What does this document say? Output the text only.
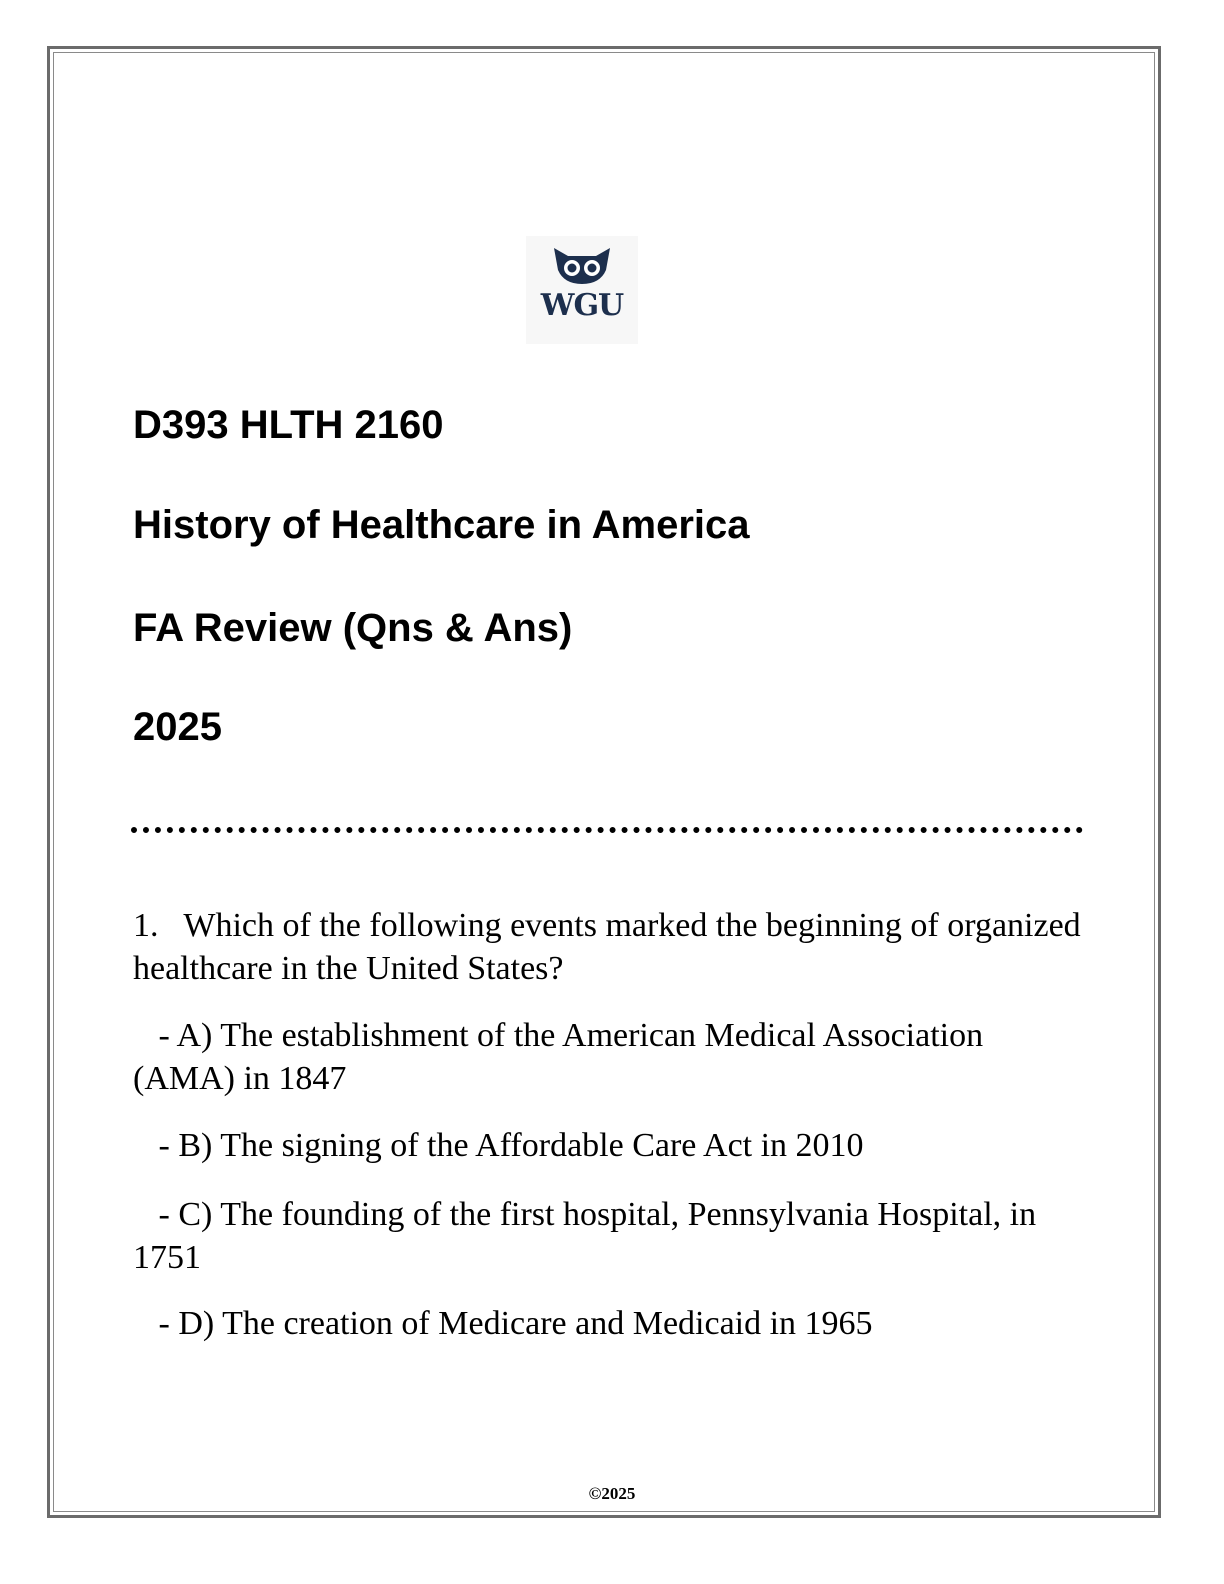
WGU
D393 HLTH 2160
History of Healthcare in America
FA Review (Qns & Ans)
2025
1.   Which of the following events marked the beginning of organized healthcare in the United States?
- A) The establishment of the American Medical Association (AMA) in 1847
- B) The signing of the Affordable Care Act in 2010
- C) The founding of the first hospital, Pennsylvania Hospital, in 1751
- D) The creation of Medicare and Medicaid in 1965
©2025
